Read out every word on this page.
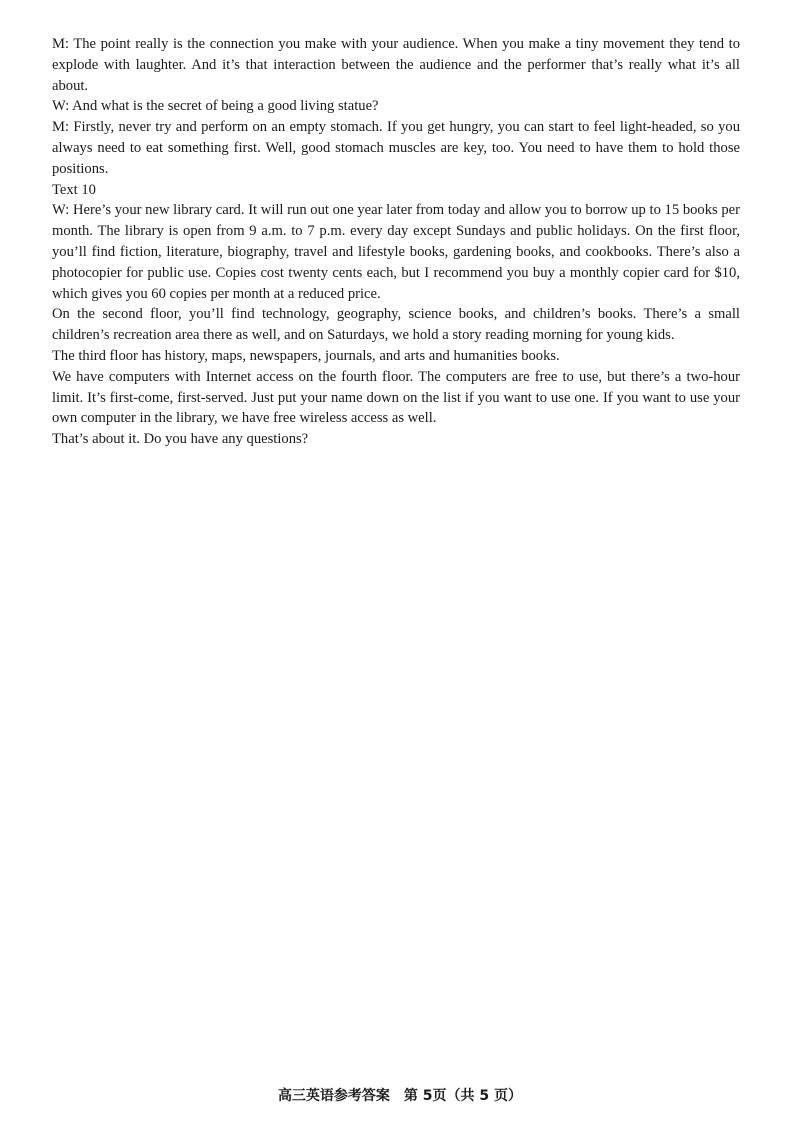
M: The point really is the connection you make with your audience. When you make a tiny movement they tend to explode with laughter. And it’s that interaction between the audience and the performer that’s really what it’s all about.

W: And what is the secret of being a good living statue?

M: Firstly, never try and perform on an empty stomach. If you get hungry, you can start to feel light-headed, so you always need to eat something first. Well, good stomach muscles are key, too. You need to have them to hold those positions.

Text 10

W: Here’s your new library card. It will run out one year later from today and allow you to borrow up to 15 books per month. The library is open from 9 a.m. to 7 p.m. every day except Sundays and public holidays. On the first floor, you’ll find fiction, literature, biography, travel and lifestyle books, gardening books, and cookbooks. There’s also a photocopier for public use. Copies cost twenty cents each, but I recommend you buy a monthly copier card for $10, which gives you 60 copies per month at a reduced price.

On the second floor, you’ll find technology, geography, science books, and children’s books. There’s a small children’s recreation area there as well, and on Saturdays, we hold a story reading morning for young kids.

The third floor has history, maps, newspapers, journals, and arts and humanities books.

We have computers with Internet access on the fourth floor. The computers are free to use, but there’s a two-hour limit. It’s first-come, first-served. Just put your name down on the list if you want to use one. If you want to use your own computer in the library, we have free wireless access as well.

That’s about it. Do you have any questions?

高三英语参考答案　第 5页（共 5 页）
